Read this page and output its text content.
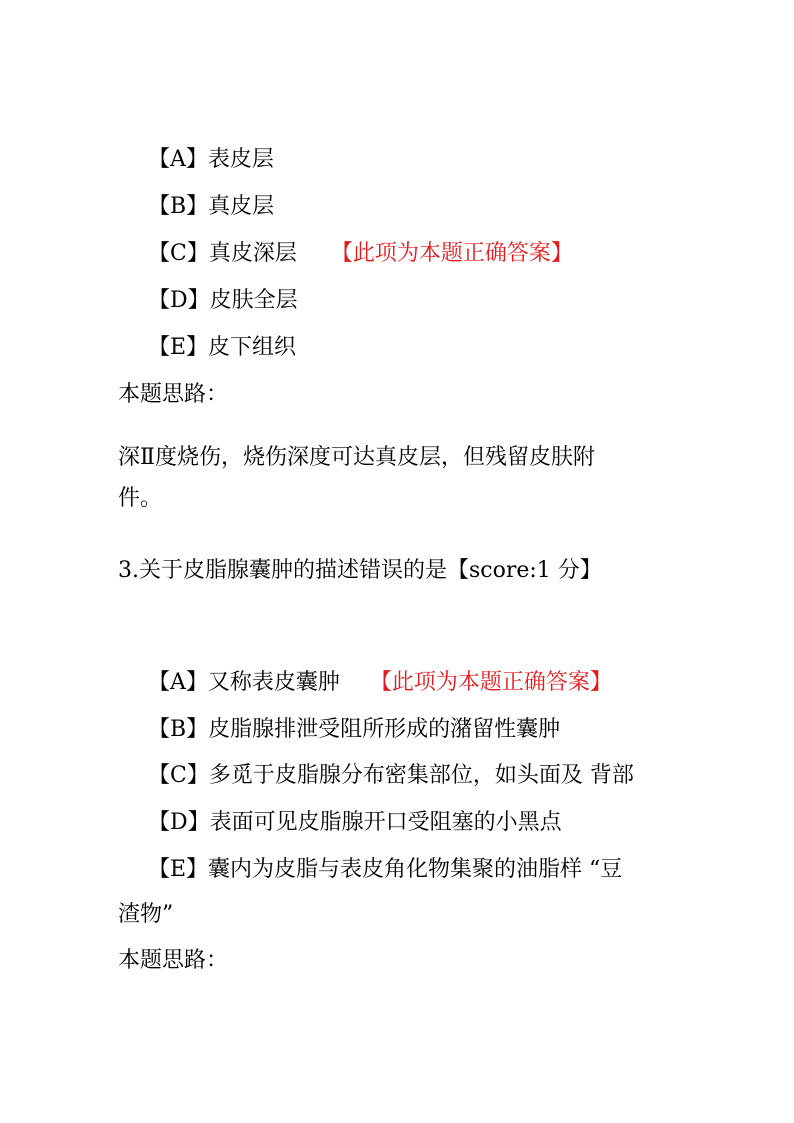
【A】表皮层
【B】真皮层
【C】真皮深层 【此项为本题正确答案】
【D】皮肤全层
【E】皮下组织
本题思路：
深Ⅱ度烧伤，烧伤深度可达真皮层，但残留皮肤附
件。
3.关于皮脂腺囊肿的描述错误的是【score:1 分】
【A】又称表皮囊肿 【此项为本题正确答案】
【B】皮脂腺排泄受阻所形成的潴留性囊肿
【C】多觅于皮脂腺分布密集部位，如头面及 背部
【D】表面可见皮脂腺开口受阻塞的小黑点
【E】囊内为皮脂与表皮角化物集聚的油脂样 “豆
渣物”
本题思路：
